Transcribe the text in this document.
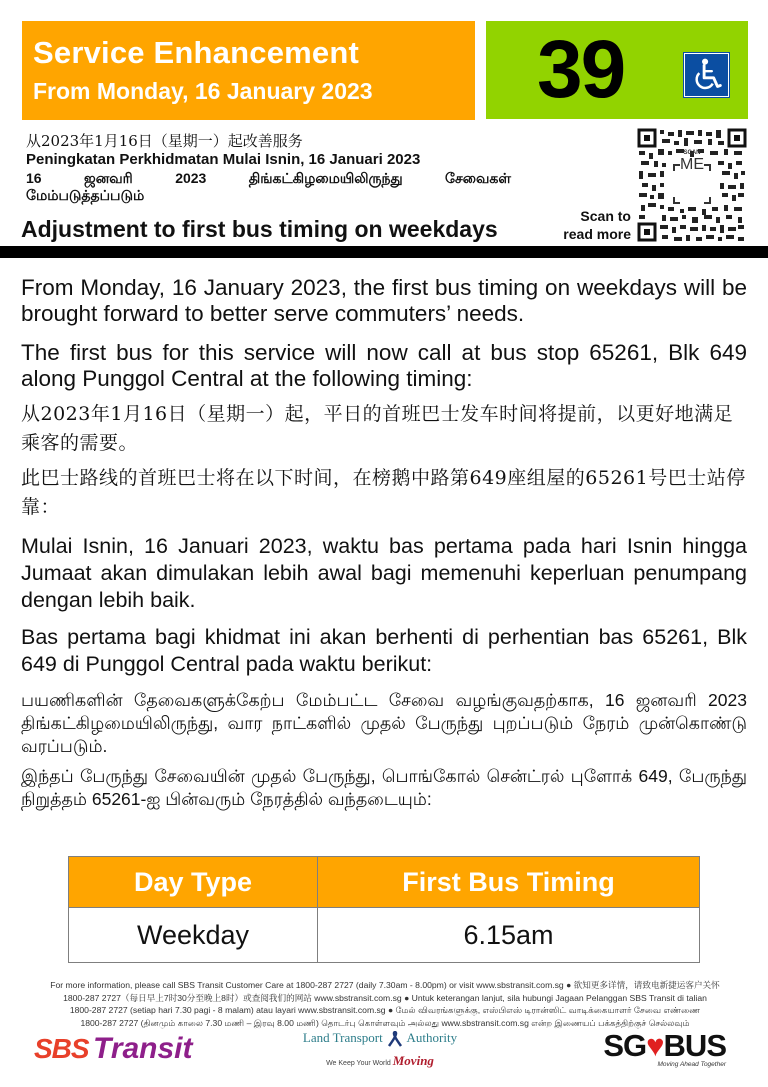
Service Enhancement
From Monday, 16 January 2023 39
从2023年1月16日（星期一）起改善服务
Peningkatan Perkhidmatan Mulai Isnin, 16 Januari 2023
16	ஜனவரி	2023	திங்கட்கிழமையிலிருந்து	சேவைகள்
மேம்படுத்தப்படும்
Adjustment to first bus timing on weekdays
SCAN
ME
Scan to
read more
From Monday, 16 January 2023, the first bus timing on weekdays will be brought forward to better serve commuters’ needs.
The first bus for this service will now call at bus stop 65261, Blk 649 along Punggol Central at the following timing:
从2023年1月16日（星期一）起，平日的首班巴士发车时间将提前，以更好地满足乘客的需要。
此巴士路线的首班巴士将在以下时间，在榜鹅中路第649座组屋的65261号巴士站停靠：
Mulai Isnin, 16 Januari 2023, waktu bas pertama pada hari Isnin hingga Jumaat akan dimulakan lebih awal bagi memenuhi keperluan penumpang dengan lebih baik.
Bas pertama bagi khidmat ini akan berhenti di perhentian bas 65261, Blk 649 di Punggol Central pada waktu berikut:
பயணிகளின் தேவைகளுக்கேற்ப மேம்பட்ட சேவை வழங்குவதற்காக, 16 ஜனவரி 2023 திங்கட்கிழமையிலிருந்து, வார நாட்களில் முதல் பேருந்து புறப்படும் நேரம் முன்கொண்டு வரப்படும்.
இந்தப் பேருந்து சேவையின் முதல் பேருந்து, பொங்கோல் சென்ட்ரல் புளோக் 649, பேருந்து நிறுத்தம் 65261-ஐ பின்வரும் நேரத்தில் வந்தடையும்:
Day Type	First Bus Timing
Weekday	6.15am
For more information, please call SBS Transit Customer Care at 1800-287 2727 (daily 7.30am - 8.00pm) or visit www.sbstransit.com.sg ● 欲知更多详情，请致电新捷运客户关怀
1800-287 2727（每日早上7时30分至晚上8时）或查阅我们的网站 www.sbstransit.com.sg ● Untuk keterangan lanjut, sila hubungi Jagaan Pelanggan SBS Transit di talian
1800-287 2727 (setiap hari 7.30 pagi - 8 malam) atau layari www.sbstransit.com.sg ● மேல் விவரங்களுக்கு, எஸ்பிஎஸ் டிரான்ஸிட் வாடிக்கையாளர் சேவை எண்ணை
1800-287 2727 (தினமும் காலை 7.30 மணி – இரவு 8.00 மணி) தொடர்பு கொள்ளவும் அல்லது www.sbstransit.com.sg என்ற இணையப் பக்கத்திற்குச் செல்லவும்
SBS Transit	Land Transport Authority
We Keep Your World Moving	SG♥BUS
Moving Ahead Together
